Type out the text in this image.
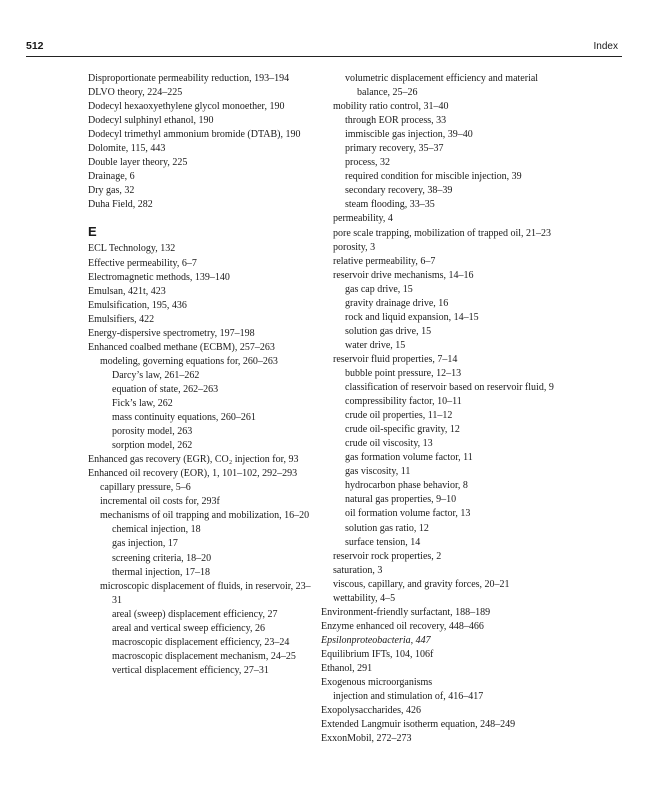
512	Index
Disproportionate permeability reduction, 193–194
DLVO theory, 224–225
Dodecyl hexaoxyethylene glycol monoether, 190
Dodecyl sulphinyl ethanol, 190
Dodecyl trimethyl ammonium bromide (DTAB), 190
Dolomite, 115, 443
Double layer theory, 225
Drainage, 6
Dry gas, 32
Duha Field, 282
E
ECL Technology, 132
Effective permeability, 6–7
Electromagnetic methods, 139–140
Emulsan, 421t, 423
Emulsification, 195, 436
Emulsifiers, 422
Energy-dispersive spectrometry, 197–198
Enhanced coalbed methane (ECBM), 257–263
modeling, governing equations for, 260–263
Darcy’s law, 261–262
equation of state, 262–263
Fick’s law, 262
mass continuity equations, 260–261
porosity model, 263
sorption model, 262
Enhanced gas recovery (EGR), CO₂ injection for, 93
Enhanced oil recovery (EOR), 1, 101–102, 292–293
capillary pressure, 5–6
incremental oil costs for, 293f
mechanisms of oil trapping and mobilization, 16–20
chemical injection, 18
gas injection, 17
screening criteria, 18–20
thermal injection, 17–18
microscopic displacement of fluids, in reservoir, 23–31
areal (sweep) displacement efficiency, 27
areal and vertical sweep efficiency, 26
macroscopic displacement efficiency, 23–24
macroscopic displacement mechanism, 24–25
vertical displacement efficiency, 27–31
volumetric displacement efficiency and material balance, 25–26
mobility ratio control, 31–40
through EOR process, 33
immiscible gas injection, 39–40
primary recovery, 35–37
process, 32
required condition for miscible injection, 39
secondary recovery, 38–39
steam flooding, 33–35
permeability, 4
pore scale trapping, mobilization of trapped oil, 21–23
porosity, 3
relative permeability, 6–7
reservoir drive mechanisms, 14–16
gas cap drive, 15
gravity drainage drive, 16
rock and liquid expansion, 14–15
solution gas drive, 15
water drive, 15
reservoir fluid properties, 7–14
bubble point pressure, 12–13
classification of reservoir based on reservoir fluid, 9
compressibility factor, 10–11
crude oil properties, 11–12
crude oil-specific gravity, 12
crude oil viscosity, 13
gas formation volume factor, 11
gas viscosity, 11
hydrocarbon phase behavior, 8
natural gas properties, 9–10
oil formation volume factor, 13
solution gas ratio, 12
surface tension, 14
reservoir rock properties, 2
saturation, 3
viscous, capillary, and gravity forces, 20–21
wettability, 4–5
Environment-friendly surfactant, 188–189
Enzyme enhanced oil recovery, 448–466
Epsilonproteobacteria, 447
Equilibrium IFTs, 104, 106f
Ethanol, 291
Exogenous microorganisms
injection and stimulation of, 416–417
Exopolysaccharides, 426
Extended Langmuir isotherm equation, 248–249
ExxonMobil, 272–273
